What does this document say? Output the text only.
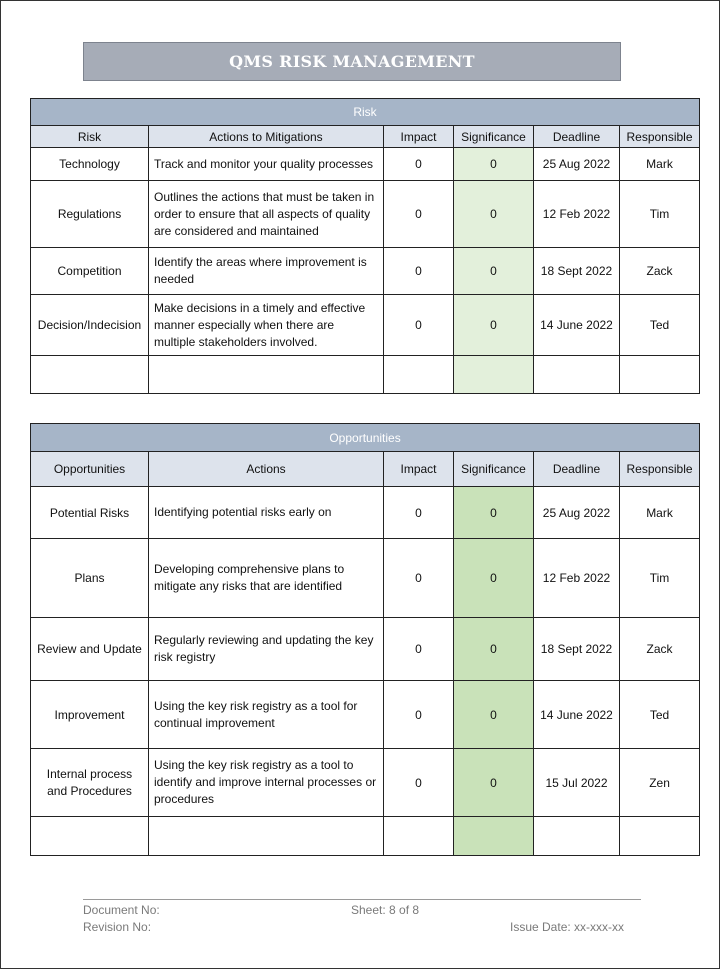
QMS RISK MANAGEMENT
Risk					
Risk	Actions to Mitigations	Impact	Significance	Deadline	Responsible
Technology	Track and monitor your quality processes	0	0	25 Aug 2022	Mark
Regulations	Outlines the actions that must be taken in order to ensure that all aspects of quality are considered and maintained	0	0	12 Feb 2022	Tim
Competition	Identify the areas where improvement is needed	0	0	18 Sept 2022	Zack
Decision/Indecision	Make decisions in a timely and effective manner especially when there are multiple stakeholders involved.	0	0	14 June 2022	Ted

Opportunities					
Opportunities	Actions	Impact	Significance	Deadline	Responsible
Potential Risks	Identifying potential risks early on	0	0	25 Aug 2022	Mark
Plans	Developing comprehensive plans to mitigate any risks that are identified	0	0	12 Feb 2022	Tim
Review and Update	Regularly reviewing and updating the key risk registry	0	0	18 Sept 2022	Zack
Improvement	Using the key risk registry as a tool for continual improvement	0	0	14 June 2022	Ted
Internal process and Procedures	Using the key risk registry as a tool to identify and improve internal processes or procedures	0	0	15 Jul 2022	Zen

Document No:	Sheet: 8 of 8
Revision No:	Issue Date: xx-xxx-xx
